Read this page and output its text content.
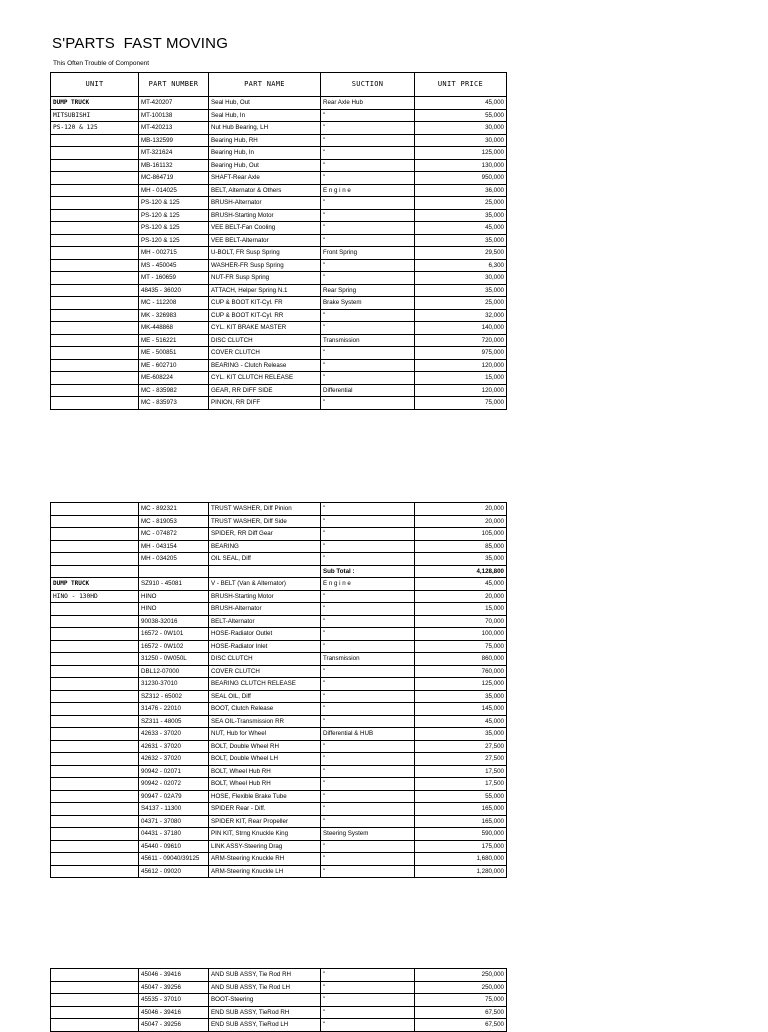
S'PARTS  FAST MOVING
This Often Trouble of Component
UNIT	PART NUMBER	PART NAME	SUCTION	UNIT PRICE
DUMP TRUCK	MT-420207	Seal Hub, Out	Rear Axle Hub	45,000
MITSUBISHI	MT-100138	Seal Hub, In	"	55,000
PS-120 & 125	MT-420213	Nut Hub Bearing, LH	"	30,000
	MB-132599	Bearing Hub, RH	"	30,000
	MT-321624	Bearing Hub, In	"	125,000
	MB-161132	Bearing Hub, Out	"	130,000
	MC-864719	SHAFT-Rear Axle	"	950,000
	MH - 014025	BELT, Alternator & Others	E n g i n e	36,000
	PS-120 & 125	BRUSH-Alternator	"	25,000
	PS-120 & 125	BRUSH-Starting Motor	"	35,000
	PS-120 & 125	VEE BELT-Fan Cooling	"	45,000
	PS-120 & 125	VEE BELT-Alternator	"	35,000
	MH - 002715	U-BOLT, FR Susp Spring	Front Spring	29,500
	MS - 450045	WASHER-FR Susp Spring	"	6,300
	MT - 160659	NUT-FR Susp Spring	"	30,000
	48435 - 36020	ATTACH, Helper Spring N.1	Rear Spring	35,000
	MC - 112208	CUP & BOOT KIT-Cyl. FR	Brake System	25,000
	MK - 326983	CUP & BOOT KIT-Cyl. RR	"	32,000
	MK-448868	CYL. KIT BRAKE MASTER	"	140,000
	ME - 516221	DISC CLUTCH	Transmission	720,000
	ME - 500851	COVER CLUTCH	"	975,000
	ME - 602710	BEARING - Clutch Release	"	120,000
	ME-608224	CYL. KIT CLUTCH RELEASE	"	15,000
	MC - 835982	GEAR, RR DIFF SIDE	Differential	120,000
	MC - 835973	PINION, RR DIFF	"	75,000
	MC - 892321	TRUST WASHER, Diff Pinion	"	20,000
	MC - 819053	TRUST WASHER, Diff Side	"	20,000
	MC - 074872	SPIDER, RR Diff Gear	"	105,000
	MH - 043154	BEARING	"	85,000
	MH - 034205	OIL SEAL, Diff	"	35,000
			Sub Total :	4,128,800
DUMP TRUCK	SZ910 - 45081	V - BELT (Van & Alternator)	E n g i n e	45,000
HINO - 130HD	HINO	BRUSH-Starting Motor	"	20,000
	HINO	BRUSH-Alternator	"	15,000
	90038-32016	BELT-Alternator	"	70,000
	16572 - 0W101	HOSE-Radiator Outlet	"	100,000
	16572 - 0W102	HOSE-Radiator Inlet	"	75,000
	31250 - 0W050L	DISC CLUTCH	Transmission	860,000
	DBL12-07000	COVER CLUTCH	"	760,000
	31230-37010	BEARING CLUTCH RELEASE	"	125,000
	SZ312 - 65002	SEAL OIL, Diff	"	35,000
	31476 - 22010	BOOT, Clutch Release	"	145,000
	SZ311 - 48005	SEA OIL-Transmission RR	"	45,000
	42633 - 37020	NUT, Hub for Wheel	Differential & HUB	35,000
	42631 - 37020	BOLT, Double Wheel RH	"	27,500
	42632 - 37020	BOLT, Double Wheel LH	"	27,500
	90942 - 02071	BOLT, Wheel Hub RH	"	17,500
	90942 - 02072	BOLT, Wheel Hub RH	"	17,500
	90947 - 02A79	HOSE, Flexible Brake Tube	"	55,000
	S4137 - 11300	SPIDER Rear - Diff.	"	165,000
	04371 - 37080	SPIDER KIT, Rear Propeller	"	165,000
	04431 - 37180	PIN KIT, Strng Knuckle King	Steering System	590,000
	45440 - 09610	LINK ASSY-Steering Drag	"	175,000
	45611 - 09040/39125	ARM-Steering Knuckle RH	"	1,680,000
	45612 - 09020	ARM-Steering Knuckle LH	"	1,280,000
	45046 - 39416	AND SUB ASSY, Tie Rod RH	"	250,000
	45047 - 39256	AND SUB ASSY, Tie Rod LH	"	250,000
	45535 - 37010	BOOT-Steering	"	75,000
	45046 - 39416	END SUB ASSY, TieRod RH	"	67,500
	45047 - 39256	END SUB ASSY, TieRod LH	"	67,500
